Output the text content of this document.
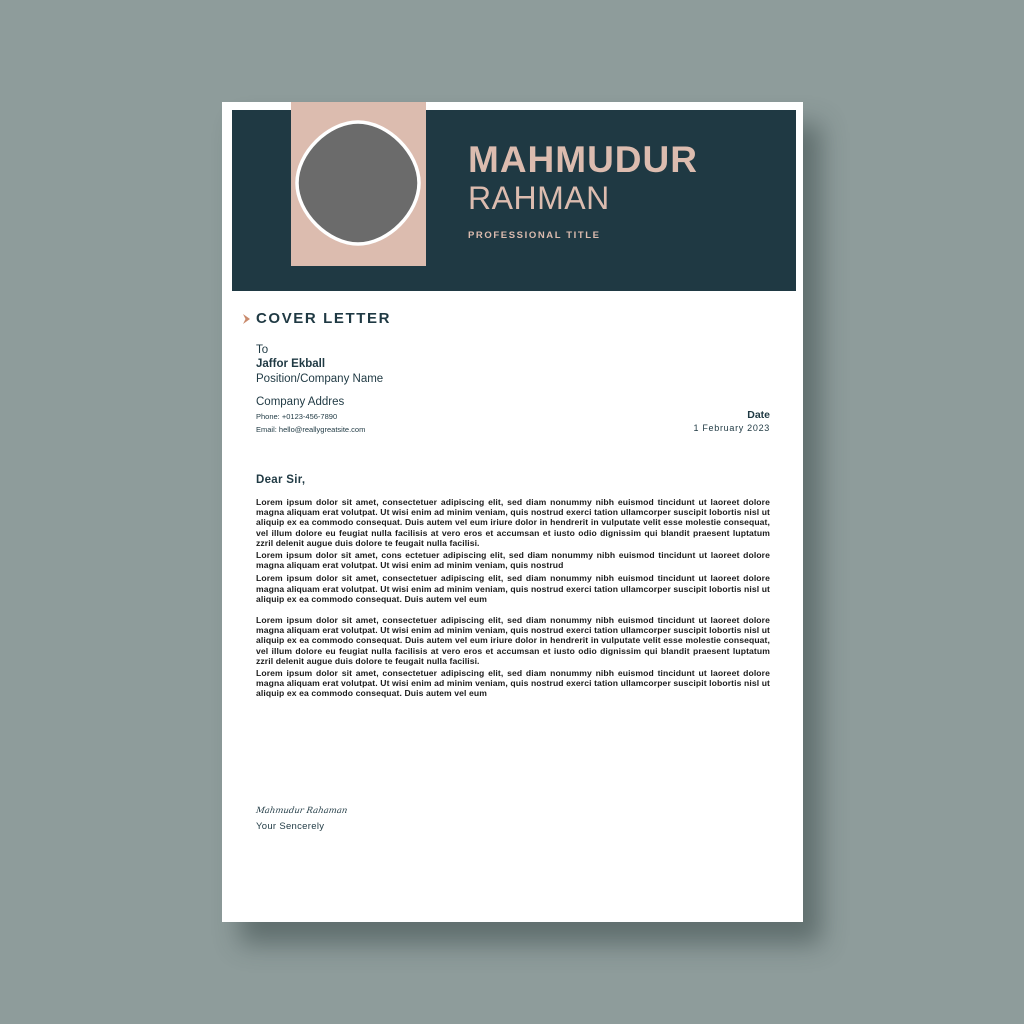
MAHMUDUR
RAHMAN
PROFESSIONAL TITLE
COVER LETTER
To
Jaffor Ekball
Position/Company Name
Company Addres
Phone: +0123-456-7890
Email: hello@reallygreatsite.com
Date
1 February 2023
Dear Sir,

Lorem ipsum dolor sit amet, consectetuer adipiscing elit, sed diam nonummy nibh euismod tincidunt ut laoreet dolore magna aliquam erat volutpat. Ut wisi enim ad minim veniam, quis nostrud exerci tation ullamcorper suscipit lobortis nisl ut aliquip ex ea commodo consequat. Duis autem vel eum iriure dolor in hendrerit in vulputate velit esse molestie consequat, vel illum dolore eu feugiat nulla facilisis at vero eros et accumsan et iusto odio dignissim qui blandit praesent luptatum zzril delenit augue duis dolore te feugait nulla facilisi.

Lorem ipsum dolor sit amet, cons ectetuer adipiscing elit, sed diam nonummy nibh euismod tincidunt ut laoreet dolore magna aliquam erat volutpat. Ut wisi enim ad minim veniam, quis nostrud

Lorem ipsum dolor sit amet, consectetuer adipiscing elit, sed diam nonummy nibh euismod tincidunt ut laoreet dolore magna aliquam erat volutpat. Ut wisi enim ad minim veniam, quis nostrud exerci tation ullamcorper suscipit lobortis nisl ut aliquip ex ea commodo consequat. Duis autem vel eum

Lorem ipsum dolor sit amet, consectetuer adipiscing elit, sed diam nonummy nibh euismod tincidunt ut laoreet dolore magna aliquam erat volutpat. Ut wisi enim ad minim veniam, quis nostrud exerci tation ullamcorper suscipit lobortis nisl ut aliquip ex ea commodo consequat. Duis autem vel eum iriure dolor in hendrerit in vulputate velit esse molestie consequat, vel illum dolore eu feugiat nulla facilisis at vero eros et accumsan et iusto odio dignissim qui blandit praesent luptatum zzril delenit augue duis dolore te feugait nulla facilisi.

Lorem ipsum dolor sit amet, consectetuer adipiscing elit, sed diam nonummy nibh euismod tincidunt ut laoreet dolore magna aliquam erat volutpat. Ut wisi enim ad minim veniam, quis nostrud exerci tation ullamcorper suscipit lobortis nisl ut aliquip ex ea commodo consequat. Duis autem vel eum

Mahmudur Rahaman
Your Sencerely
